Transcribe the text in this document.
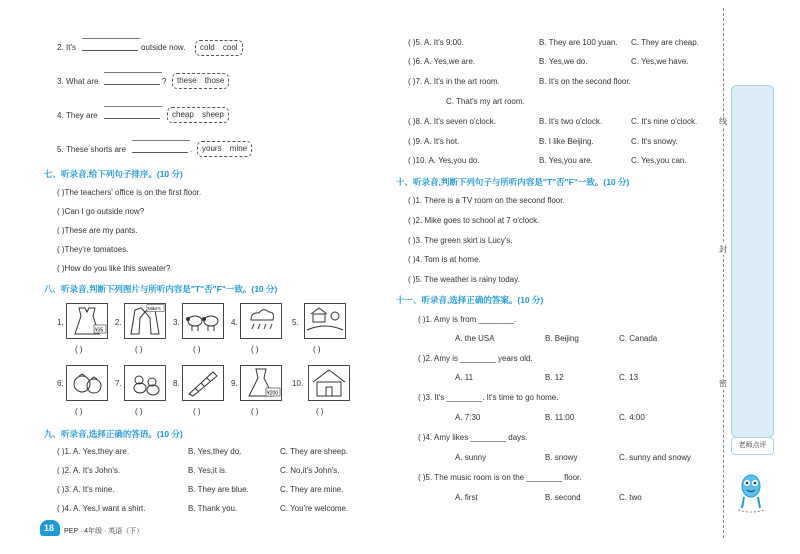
2. It's	outside now.	cold cool
3. What are	?	these those
4. They are	cheap sheep
5. These shorts are	.	yours mine
七、听录音,给下列句子排序。(10 分)
( )The teachers' office is on the first floor.
( )Can I go outside now?
( )These are my pants.
( )They're tomatoes.
( )How do you like this sweater?
八、听录音,判断下列图片与所听内容是"T"否"F"一致。(10 分)
1.
¥35
2.
Mike's
3.	4.	5.
( )	( )	( )	( )	( )
6.	7.	8.	9.
¥200
10.
( )	( )	( )	( )	( )
九、听录音,选择正确的答语。(10 分)
( )1. A. Yes,they are.	B. Yes,they do.	C. They are sheep.
( )2. A. It's John's.	B. Yes,it is.	C. No,it's John's.
( )3. A. It's mine.	B. They are blue.	C. They are mine.
( )4. A. Yes,I want a shirt.	B. Thank you.	C. You're welcome.
18 PEP · 4年级 · 英语（下）
( )5. A. It's 9:00.	B. They are 100 yuan. C. They are cheap.
( )6. A. Yes,we are.	B. Yes,we do.	C. Yes,we have.
( )7. A. It's in the art room.	B. It's on the second floor.
C. That's my art room.
( )8. A. It's seven o'clock.	B. It's two o'clock.	C. It's nine o'clock.
( )9. A. It's hot.	B. I like Beijing.	C. It's snowy.
( )10. A. Yes,you do.	B. Yes,you are.	C. Yes,you can.
十、听录音,判断下列句子与所听内容是"T"否"F"一致。(10 分)
( )1. There is a TV room on the second floor.
( )2. Mike goes to school at 7 o'clock.
( )3. The green skirt is Lucy's.
( )4. Tom is at home.
( )5. The weather is rainy today.
十一、听录音,选择正确的答案。(10 分)
( )1. Amy is from ________.
A. the USA	B. Beijing	C. Canada
( )2. Amy is ________ years old.
A. 11	B. 12	C. 13
( )3. It's ________. It's time to go home.
A. 7:30	B. 11:00	C. 4:00
( )4. Amy likes ________ days.
A. sunny	B. snowy	C. sunny and snowy
( )5. The music room is on the ________ floor.
A. first	B. second	C. two
线
封
密
老师点评
